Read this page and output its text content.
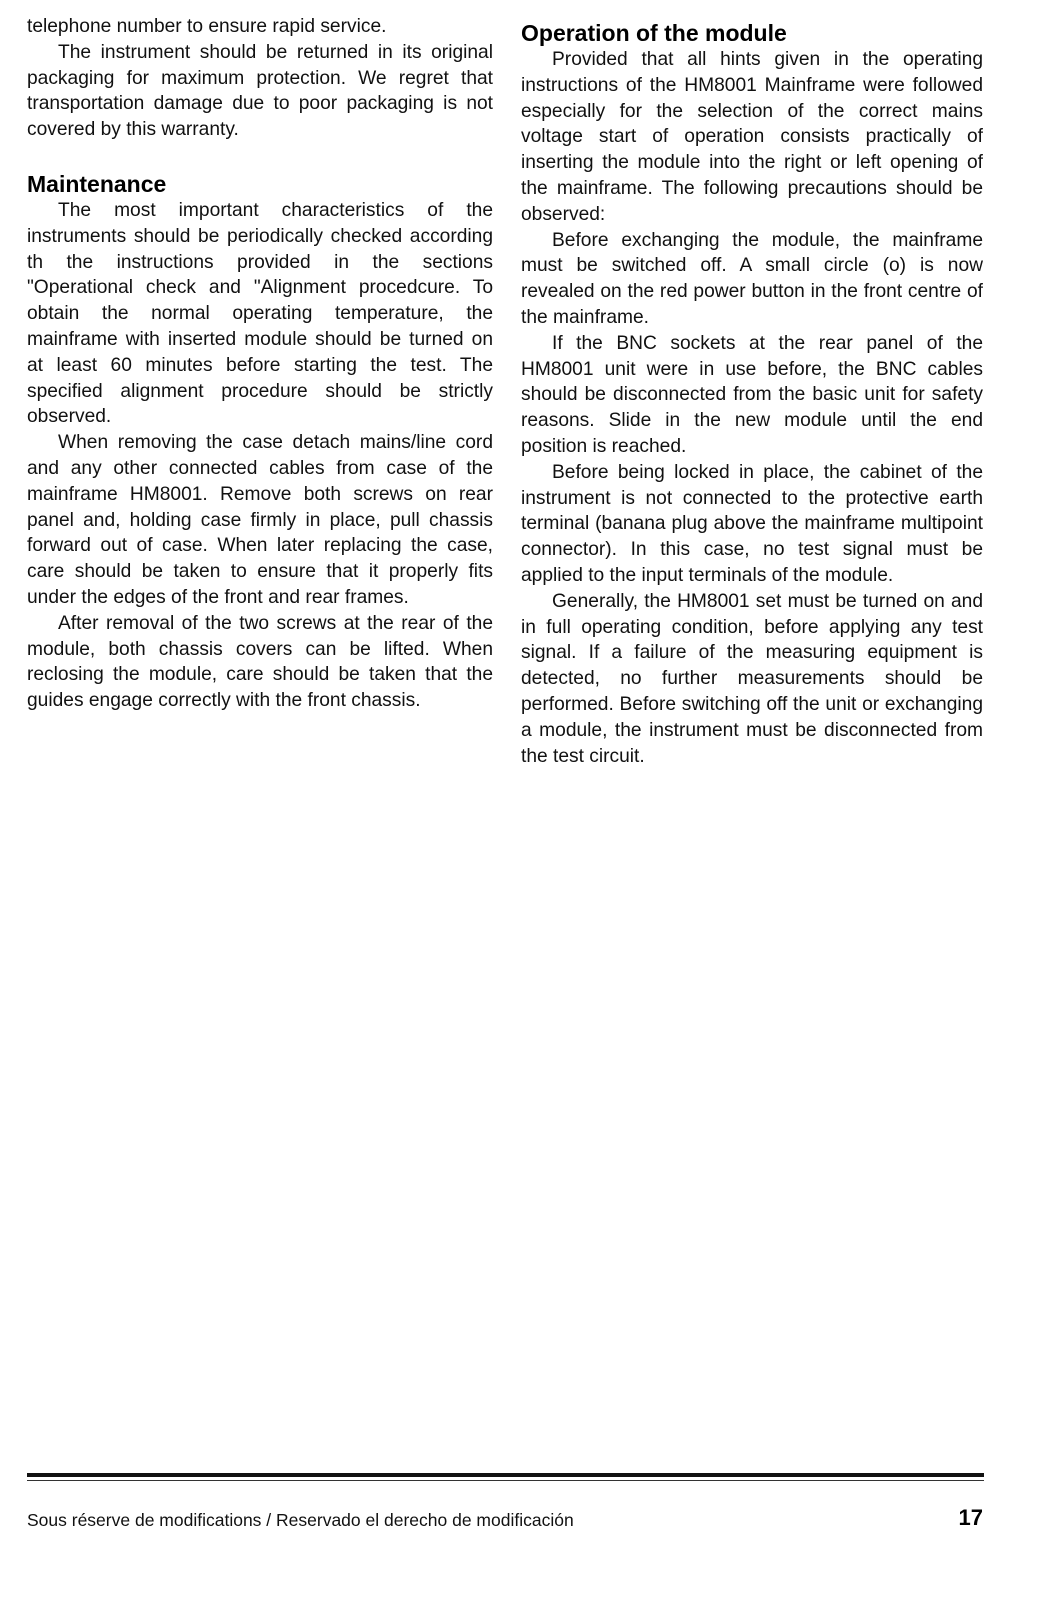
telephone number to ensure rapid service.

The instrument should be returned in its original packaging for maximum protection. We regret that transportation damage due to poor packaging is not covered by this warranty.

Maintenance

The most important characteristics of the instruments should be periodically checked according th the instructions provided in the sections "Operational check and "Alignment procedcure. To obtain the normal operating temperature, the mainframe with inserted module should be turned on at least 60 minutes before starting the test. The specified alignment procedure should be strictly observed.

When removing the case detach mains/line cord and any other connected cables from case of the mainframe HM8001. Remove both screws on rear panel and, holding case firmly in place, pull chassis forward out of case. When later replacing the case, care should be taken to ensure that it properly fits under the edges of the front and rear frames.

After removal of the two screws at the rear of the module, both chassis covers can be lifted. When reclosing the module, care should be taken that the guides engage correctly with the front chassis.

Operation of the module

Provided that all hints given in the operating instructions of the HM8001 Mainframe were followed especially for the selection of the correct mains voltage start of operation consists practically of inserting the module into the right or left opening of the mainframe. The following precautions should be observed:

Before exchanging the module, the mainframe must be switched off. A small circle (o) is now revealed on the red power button in the front centre of the mainframe.

If the BNC sockets at the rear panel of the HM8001 unit were in use before, the BNC cables should be disconnected from the basic unit for safety reasons. Slide in the new module until the end position is reached.

Before being locked in place, the cabinet of the instrument is not connected to the protective earth terminal (banana plug above the mainframe multipoint connector). In this case, no test signal must be applied to the input terminals of the module.

Generally, the HM8001 set must be turned on and in full operating condition, before applying any test signal. If a failure of the measuring equipment is detected, no further measurements should be performed. Before switching off the unit or exchanging a module, the instrument must be disconnected from the test circuit.

Sous réserve de modifications / Reservado el derecho de modificación	17
